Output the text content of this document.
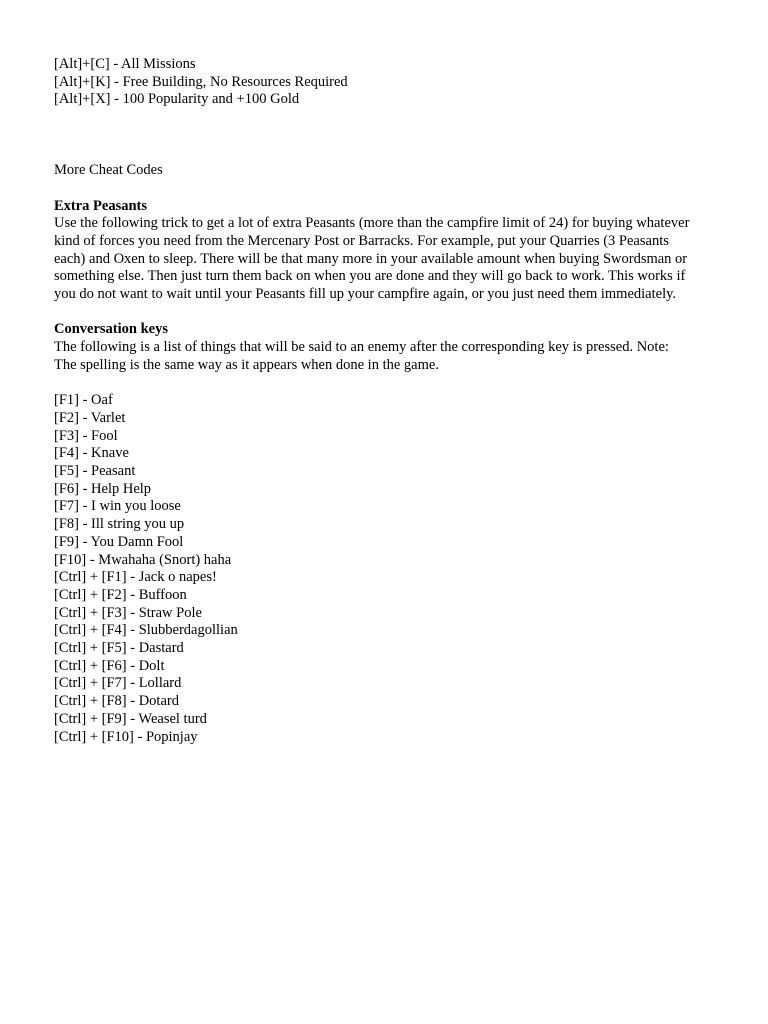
[Alt]+[C] - All Missions
[Alt]+[K] - Free Building, No Resources Required
[Alt]+[X] - 100 Popularity and +100 Gold
More Cheat Codes
Extra Peasants
Use the following trick to get a lot of extra Peasants (more than the campfire limit of 24) for buying whatever
kind of forces you need from the Mercenary Post or Barracks. For example, put your Quarries (3 Peasants
each) and Oxen to sleep. There will be that many more in your available amount when buying Swordsman or
something else. Then just turn them back on when you are done and they will go back to work. This works if
you do not want to wait until your Peasants fill up your campfire again, or you just need them immediately.
Conversation keys
The following is a list of things that will be said to an enemy after the corresponding key is pressed. Note:
The spelling is the same way as it appears when done in the game.
[F1] - Oaf
[F2] - Varlet
[F3] - Fool
[F4] - Knave
[F5] - Peasant
[F6] - Help Help
[F7] - I win you loose
[F8] - Ill string you up
[F9] - You Damn Fool
[F10] - Mwahaha (Snort) haha
[Ctrl] + [F1] - Jack o napes!
[Ctrl] + [F2] - Buffoon
[Ctrl] + [F3] - Straw Pole
[Ctrl] + [F4] - Slubberdagollian
[Ctrl] + [F5] - Dastard
[Ctrl] + [F6] - Dolt
[Ctrl] + [F7] - Lollard
[Ctrl] + [F8] - Dotard
[Ctrl] + [F9] - Weasel turd
[Ctrl] + [F10] - Popinjay
